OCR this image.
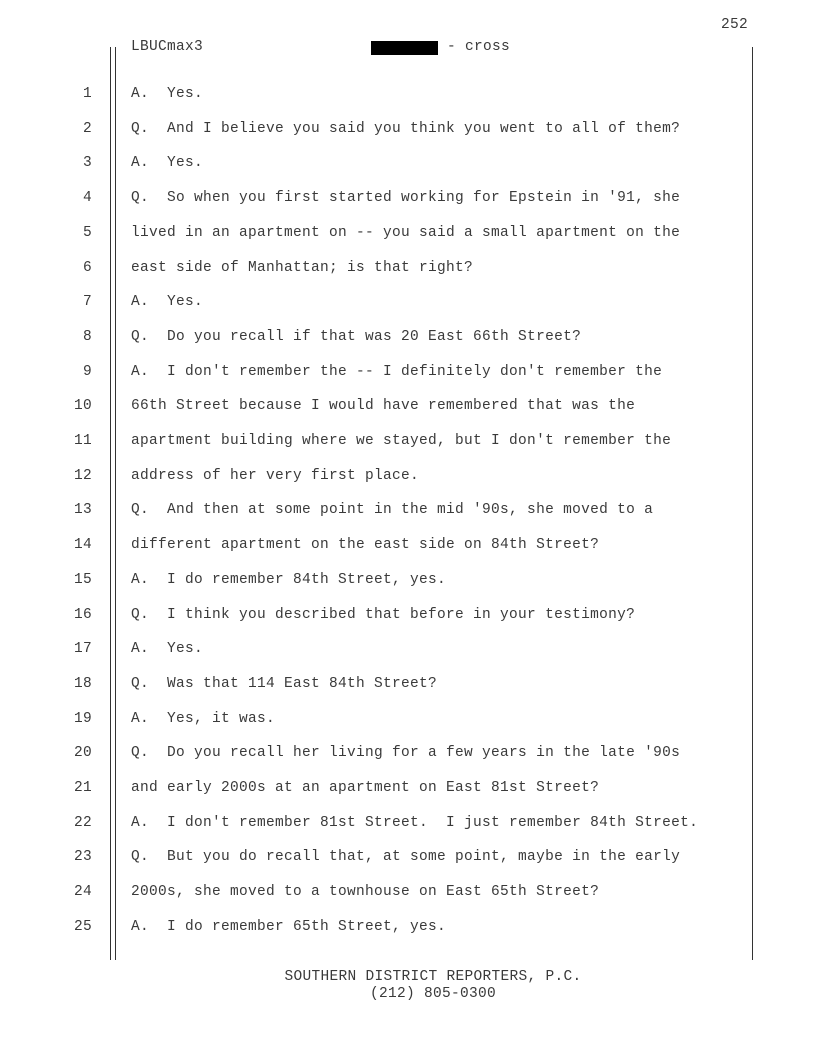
252
LBUCmax3	- cross
1	A.  Yes.
2	Q.  And I believe you said you think you went to all of them?
3	A.  Yes.
4	Q.  So when you first started working for Epstein in '91, she
5	lived in an apartment on -- you said a small apartment on the
6	east side of Manhattan; is that right?
7	A.  Yes.
8	Q.  Do you recall if that was 20 East 66th Street?
9	A.  I don't remember the -- I definitely don't remember the
10	66th Street because I would have remembered that was the
11	apartment building where we stayed, but I don't remember the
12	address of her very first place.
13	Q.  And then at some point in the mid '90s, she moved to a
14	different apartment on the east side on 84th Street?
15	A.  I do remember 84th Street, yes.
16	Q.  I think you described that before in your testimony?
17	A.  Yes.
18	Q.  Was that 114 East 84th Street?
19	A.  Yes, it was.
20	Q.  Do you recall her living for a few years in the late '90s
21	and early 2000s at an apartment on East 81st Street?
22	A.  I don't remember 81st Street.  I just remember 84th Street.
23	Q.  But you do recall that, at some point, maybe in the early
24	2000s, she moved to a townhouse on East 65th Street?
25	A.  I do remember 65th Street, yes.
SOUTHERN DISTRICT REPORTERS, P.C.
(212) 805-0300
